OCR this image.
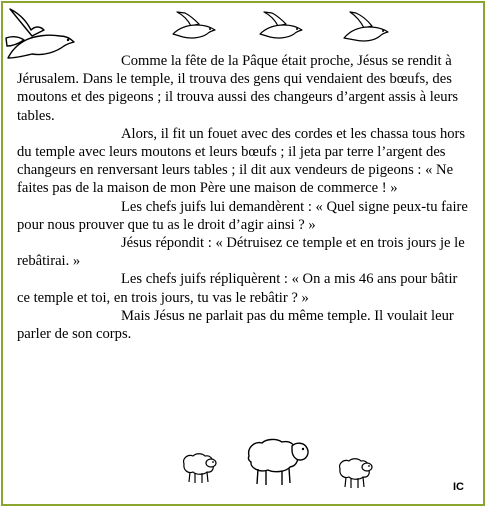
Comme la fête de la Pâque était proche, Jésus se rendit à Jérusalem. Dans le temple, il trouva des gens qui vendaient des bœufs, des moutons et des pigeons ; il trouva aussi des changeurs d’argent assis à leurs tables.

Alors, il fit un fouet avec des cordes et les chassa tous hors du temple avec leurs moutons et leurs bœufs ; il jeta par terre l’argent des changeurs en renversant leurs tables ; il dit aux vendeurs de pigeons : « Ne faites pas de la maison de mon Père une maison de commerce ! »

Les chefs juifs lui demandèrent : « Quel signe peux-tu faire pour nous prouver que tu as le droit d’agir ainsi ? »

Jésus répondit : « Détruisez ce temple et en trois jours je le rebâtirai. »

Les chefs juifs répliquèrent : « On a mis 46 ans pour bâtir ce temple et toi, en trois jours, tu vas le rebâtir ? »

Mais Jésus ne parlait pas du même temple. Il voulait leur parler de son corps.

IC
